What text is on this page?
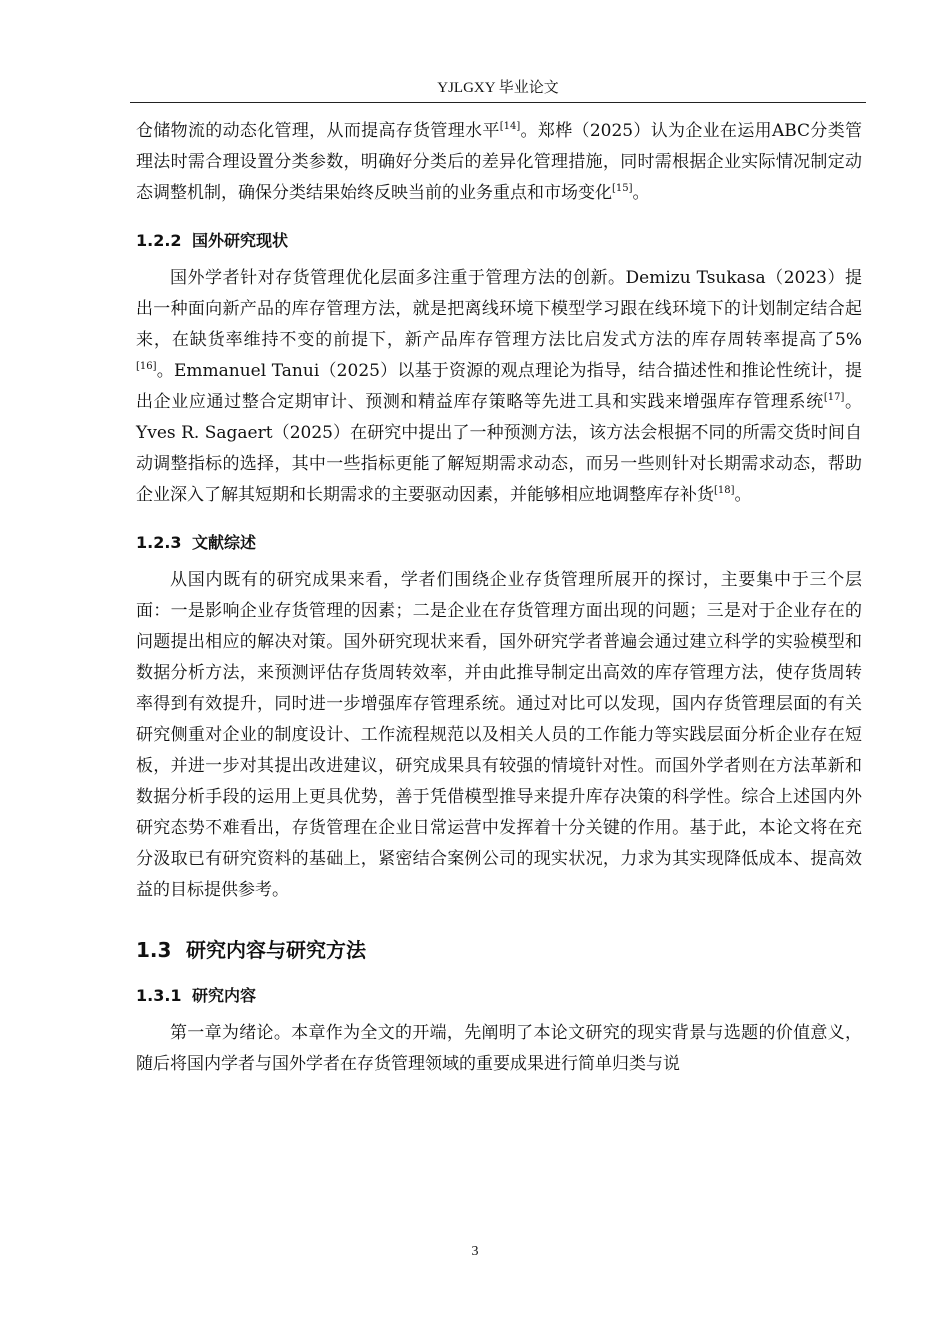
YJLGXY 毕业论文

仓储物流的动态化管理，从而提高存货管理水平[14]。郑桦（2025）认为企业在运用ABC分类管理法时需合理设置分类参数，明确好分类后的差异化管理措施，同时需根据企业实际情况制定动态调整机制，确保分类结果始终反映当前的业务重点和市场变化[15]。

1.2.2 国外研究现状

国外学者针对存货管理优化层面多注重于管理方法的创新。Demizu Tsukasa（2023）提出一种面向新产品的库存管理方法，就是把离线环境下模型学习跟在线环境下的计划制定结合起来，在缺货率维持不变的前提下，新产品库存管理方法比启发式方法的库存周转率提高了5%[16]。Emmanuel Tanui（2025）以基于资源的观点理论为指导，结合描述性和推论性统计，提出企业应通过整合定期审计、预测和精益库存策略等先进工具和实践来增强库存管理系统[17]。Yves R. Sagaert（2025）在研究中提出了一种预测方法，该方法会根据不同的所需交货时间自动调整指标的选择，其中一些指标更能了解短期需求动态，而另一些则针对长期需求动态，帮助企业深入了解其短期和长期需求的主要驱动因素，并能够相应地调整库存补货[18]。

1.2.3 文献综述

从国内既有的研究成果来看，学者们围绕企业存货管理所展开的探讨，主要集中于三个层面：一是影响企业存货管理的因素；二是企业在存货管理方面出现的问题；三是对于企业存在的问题提出相应的解决对策。国外研究现状来看，国外研究学者普遍会通过建立科学的实验模型和数据分析方法，来预测评估存货周转效率，并由此推导制定出高效的库存管理方法，使存货周转率得到有效提升，同时进一步增强库存管理系统。通过对比可以发现，国内存货管理层面的有关研究侧重对企业的制度设计、工作流程规范以及相关人员的工作能力等实践层面分析企业存在短板，并进一步对其提出改进建议，研究成果具有较强的情境针对性。而国外学者则在方法革新和数据分析手段的运用上更具优势，善于凭借模型推导来提升库存决策的科学性。综合上述国内外研究态势不难看出，存货管理在企业日常运营中发挥着十分关键的作用。基于此，本论文将在充分汲取已有研究资料的基础上，紧密结合案例公司的现实状况，力求为其实现降低成本、提高效益的目标提供参考。

1.3 研究内容与研究方法
1.3.1 研究内容

第一章为绪论。本章作为全文的开端，先阐明了本论文研究的现实背景与选题的价值意义，随后将国内学者与国外学者在存货管理领域的重要成果进行简单归类与说

3
